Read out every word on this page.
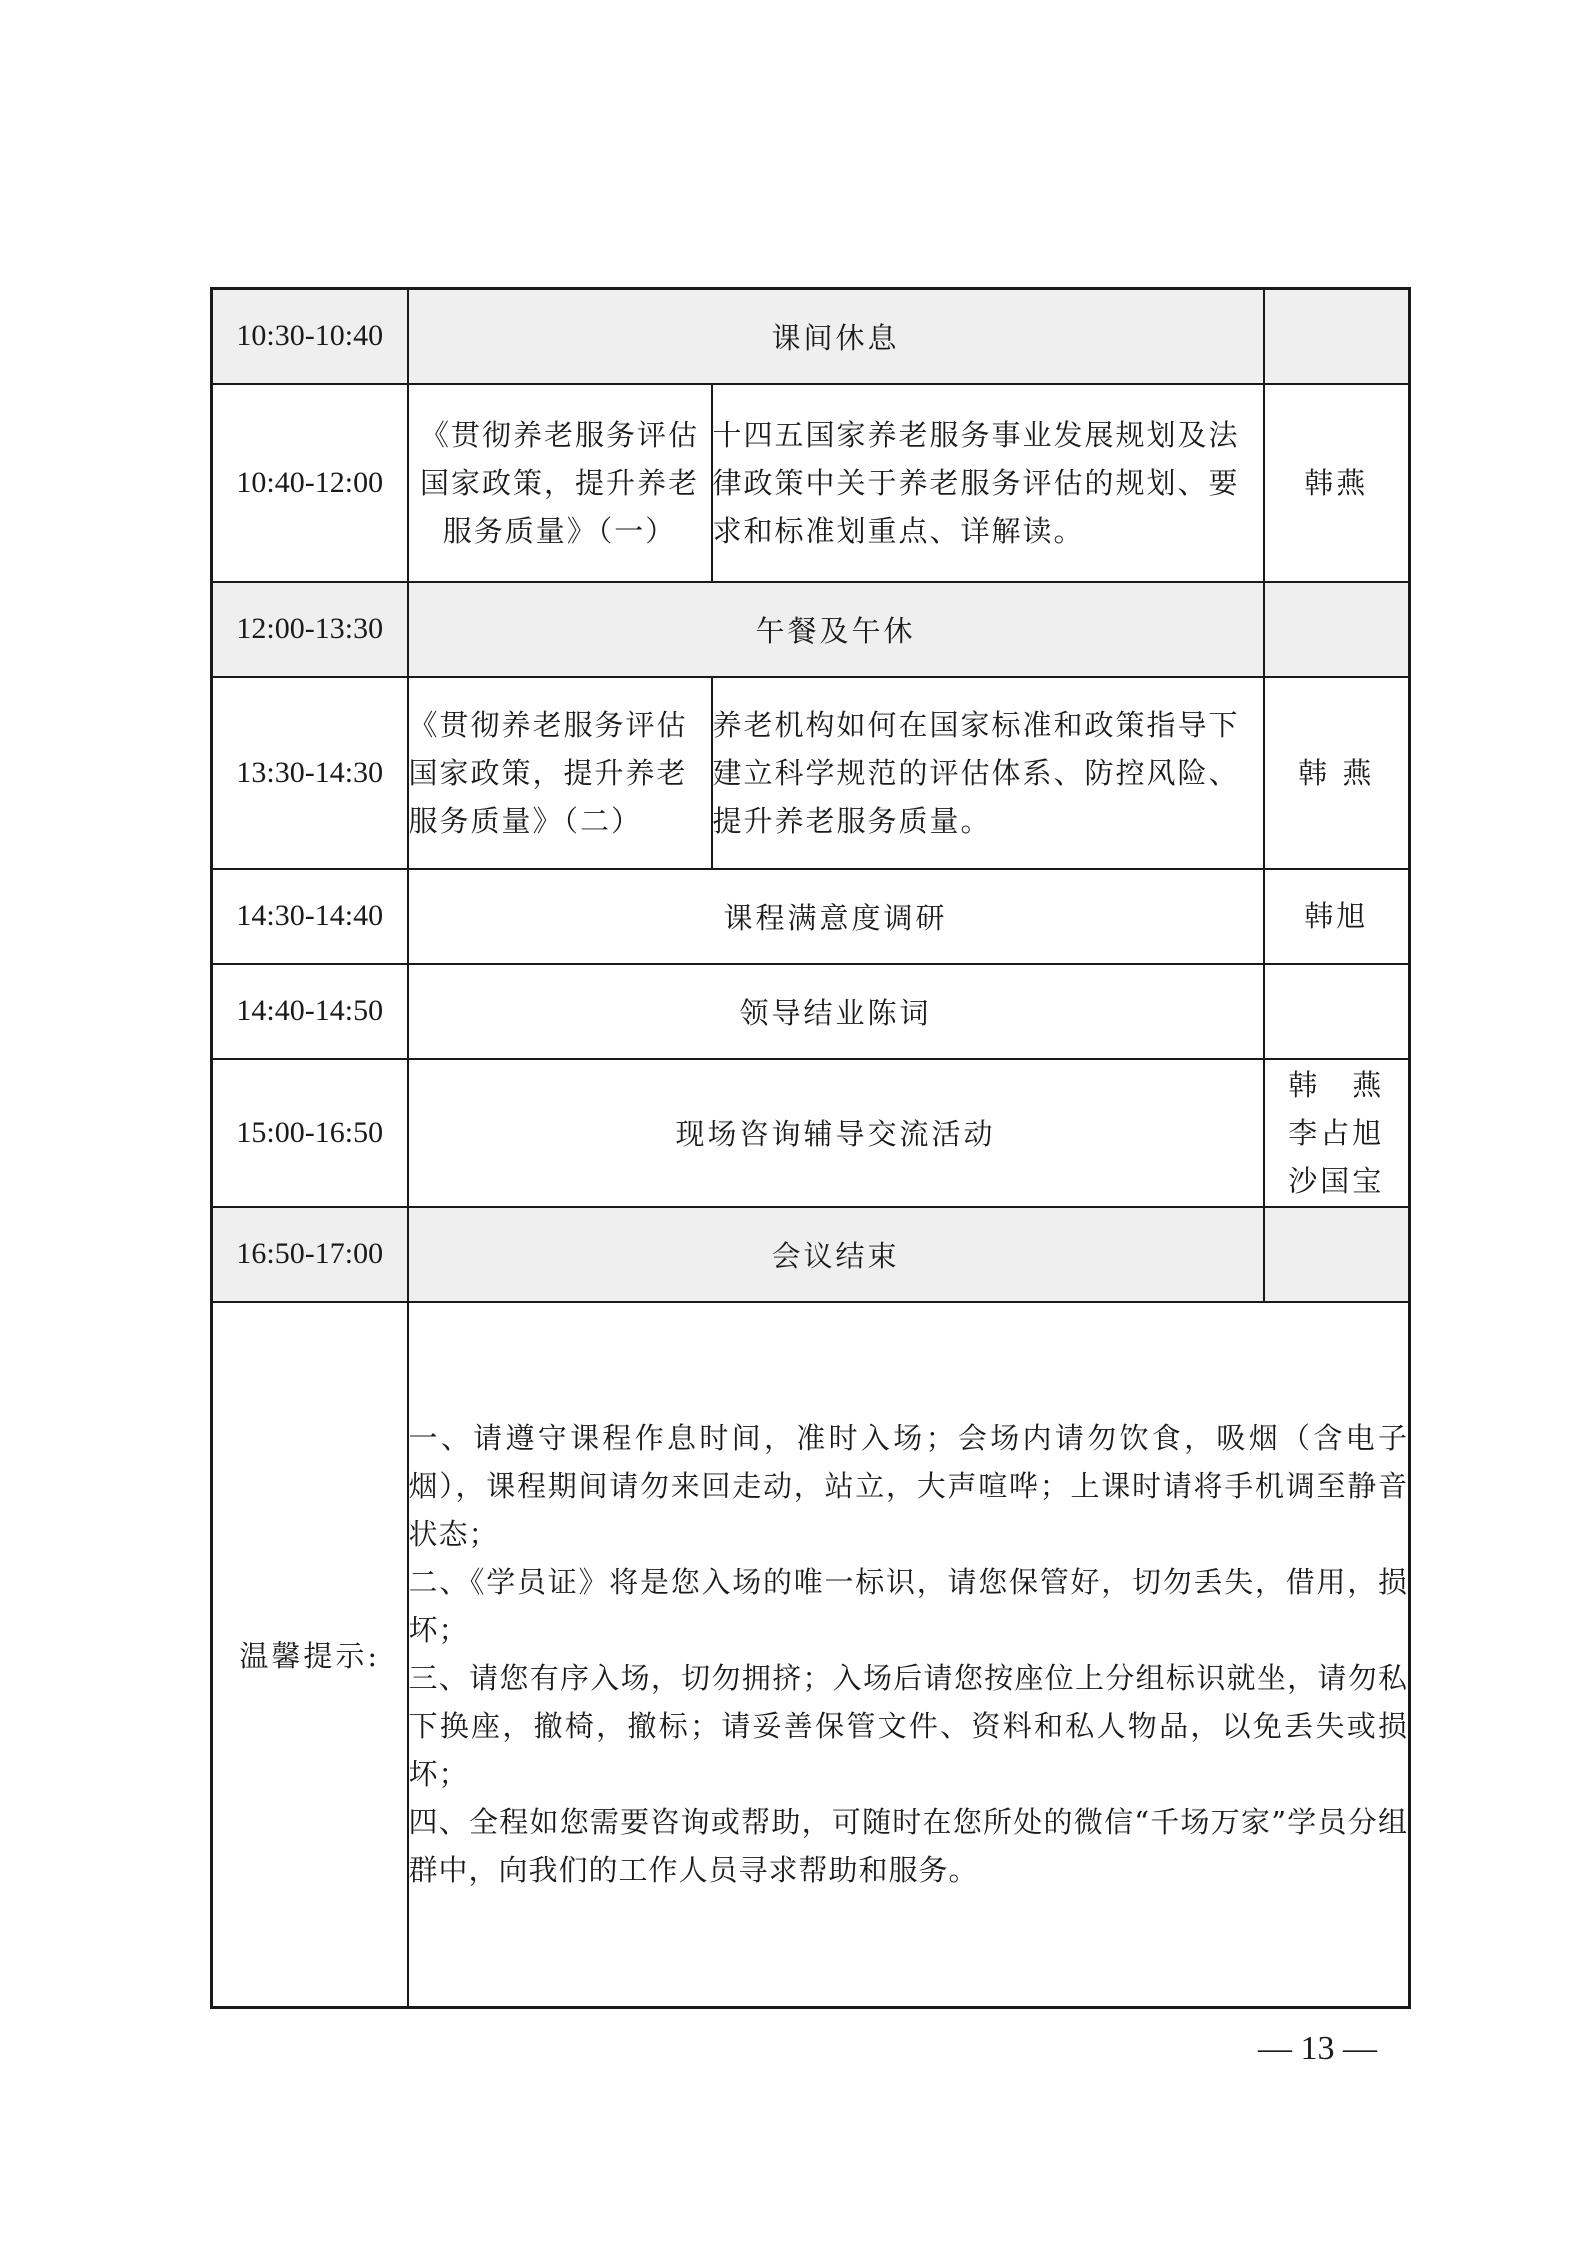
10:30-10:40	课间休息		
10:40-12:00	《贯彻养老服务评估国家政策，提升养老服务质量》（一）	十四五国家养老服务事业发展规划及法律政策中关于养老服务评估的规划、要求和标准划重点、详解读。	韩燕
12:00-13:30	午餐及午休		
13:30-14:30	《贯彻养老服务评估国家政策，提升养老服务质量》（二）	养老机构如何在国家标准和政策指导下建立科学规范的评估体系、防控风险、提升养老服务质量。	韩 燕
14:30-14:40	课程满意度调研		韩旭
14:40-14:50	领导结业陈词		
15:00-16:50	现场咨询辅导交流活动		韩　燕
李占旭
沙国宝

16:50-17:00	会议结束		
温馨提示:	一、请遵守课程作息时间，准时入场；会场内请勿饮食，吸烟（含电子烟），课程期间请勿来回走动，站立，大声喧哗；上课时请将手机调至静音状态；

二、《学员证》将是您入场的唯一标识，请您保管好，切勿丢失，借用，损坏；

三、请您有序入场，切勿拥挤；入场后请您按座位上分组标识就坐，请勿私下换座，撤椅，撤标；请妥善保管文件、资料和私人物品，以免丢失或损坏；

四、全程如您需要咨询或帮助，可随时在您所处的微信“千场万家”学员分组群中，向我们的工作人员寻求帮助和服务。		

— 13 —
